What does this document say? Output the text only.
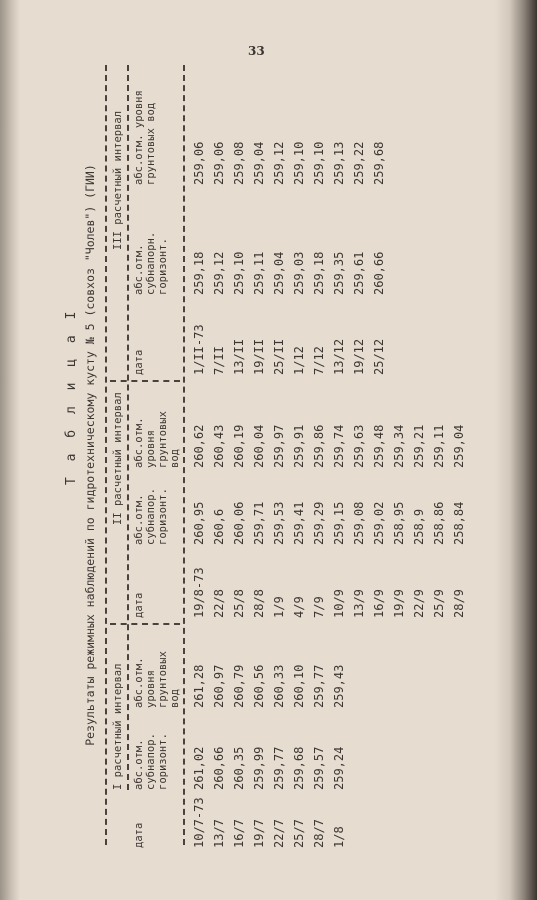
33
Т а б л и ц а I Результаты режимных наблюдений по гидротехническому кусту № 5 (совхоз "Чолев") (ГИИ) I расчетный интервал
II расчетный интервал
III расчетный интервал
дата
абс.отм. субнапор. горизонт.
абс.отм. уровня грунтовых вод
дата
абс.отм. субнапор. горизонт.
абс.отм. уровня грунтовых вод
дата
абс.отм. субнапорн. горизонт.
абс.отм. уровня грунтовых вод
10/7-73
261,02
261,28
19/8-73
260,95
260,62
1/II-73
259,18
259,06
13/7
260,66
260,97
22/8
260,6
260,43
7/II
259,12
259,06
16/7
260,35
260,79
25/8
260,06
260,19
13/II
259,10
259,08
19/7
259,99
260,56
28/8
259,71
260,04
19/II
259,11
259,04
22/7
259,77
260,33
1/9
259,53
259,97
25/II
259,04
259,12
25/7
259,68
260,10
4/9
259,41
259,91
1/12
259,03
259,10
28/7
259,57
259,77
7/9
259,29
259,86
7/12
259,18
259,10
1/8
259,24
259,43
10/9
259,15
259,74
13/12
259,35
259,13
13/9
259,08
259,63
19/12
259,61
259,22
16/9
259,02
259,48
25/12
260,66
259,68
19/9
258,95
259,34
22/9
258,9
259,21
25/9
258,86
259,11
28/9
258,84
259,04
